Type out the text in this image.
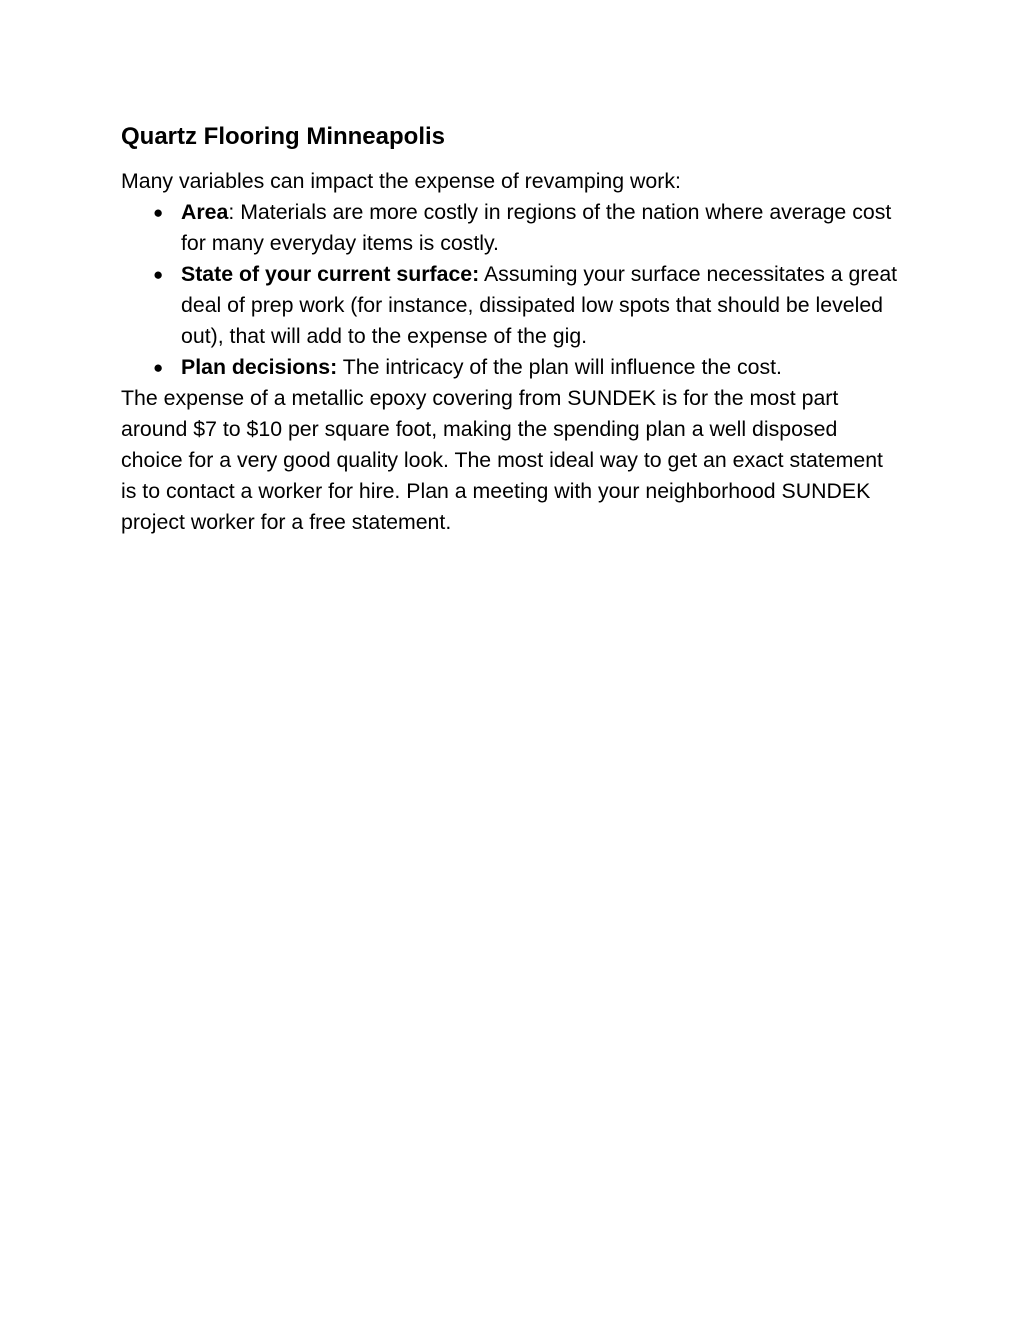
Quartz Flooring Minneapolis

Many variables can impact the expense of revamping work:

● Area: Materials are more costly in regions of the nation where average cost for many everyday items is costly.
● State of your current surface: Assuming your surface necessitates a great deal of prep work (for instance, dissipated low spots that should be leveled out), that will add to the expense of the gig.
● Plan decisions: The intricacy of the plan will influence the cost.

The expense of a metallic epoxy covering from SUNDEK is for the most part around $7 to $10 per square foot, making the spending plan a well disposed choice for a very good quality look. The most ideal way to get an exact statement is to contact a worker for hire. Plan a meeting with your neighborhood SUNDEK project worker for a free statement.
